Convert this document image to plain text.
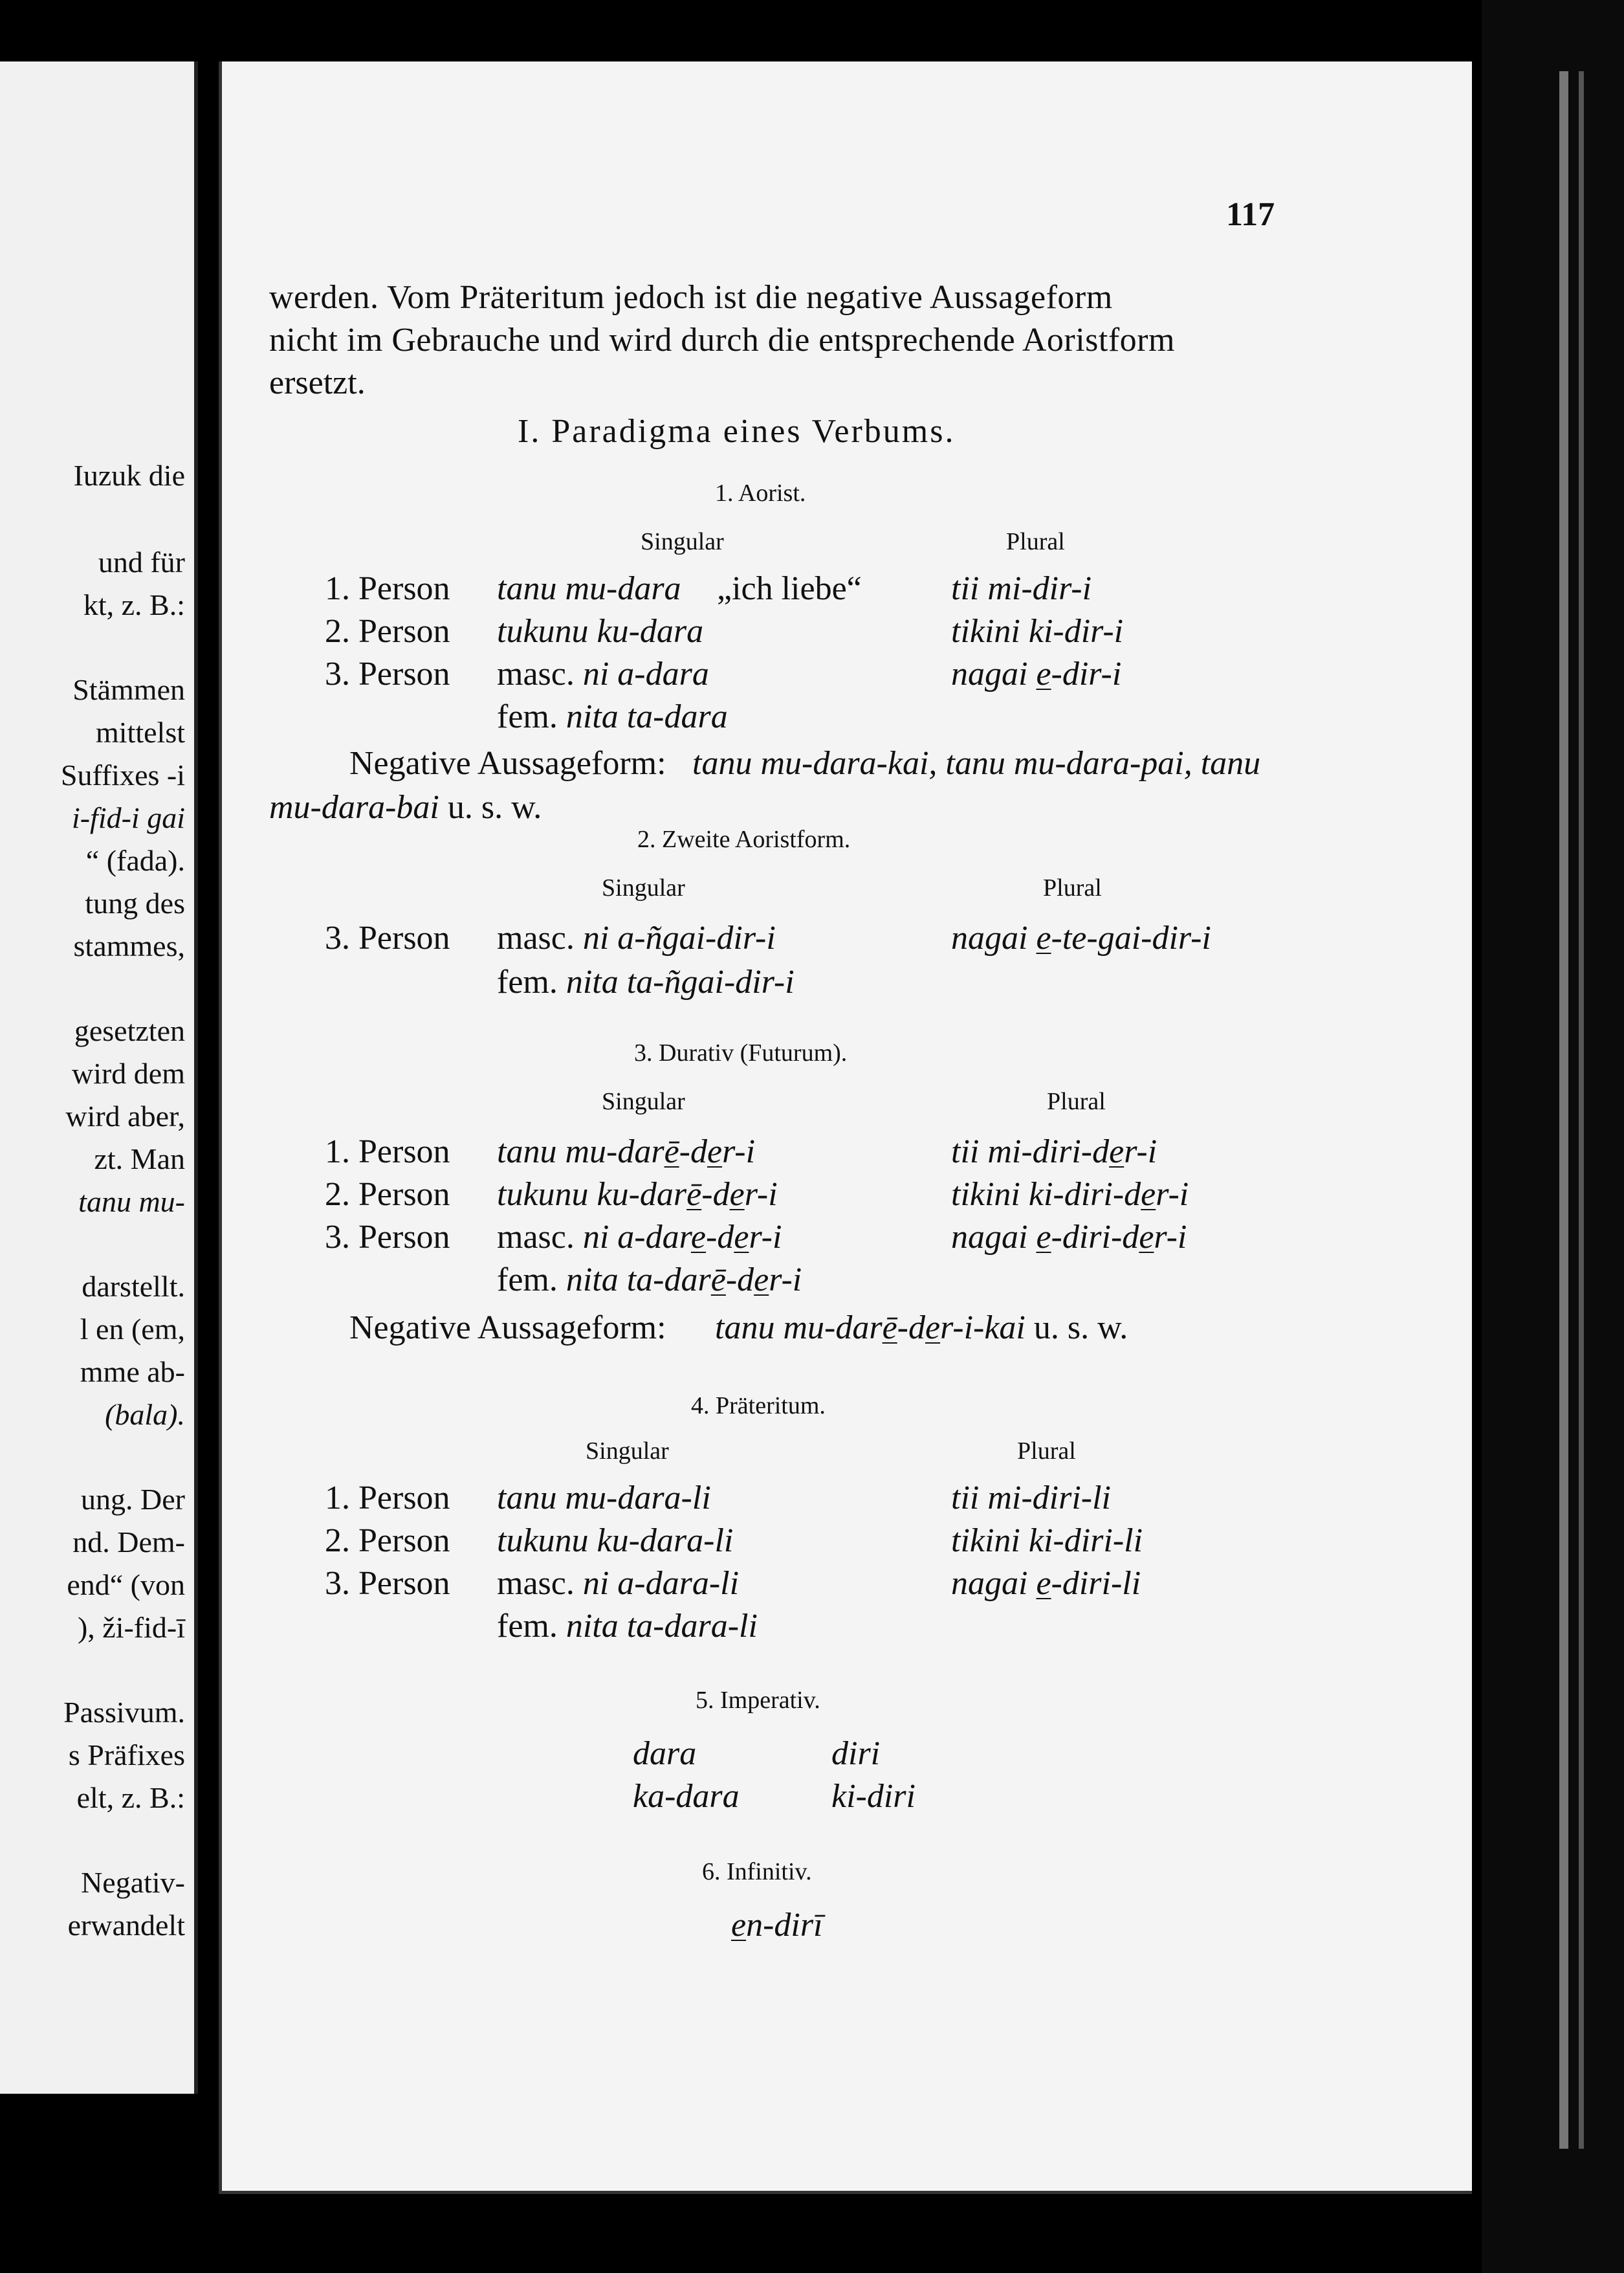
Iuzuk die
und für
kt, z. B.:
Stämmen
mittelst
Suffixes -i
i-fid-i gai
“ (fada).
tung des
stammes,
gesetzten
wird dem
wird aber,
zt. Man
tanu mu-
darstellt.
l en (em,
mme ab-
(bala).
ung. Der
nd. Dem-
end“ (von
), ži-fid-ī
Passivum.
s Präfixes
elt, z. B.:
Negativ-
erwandelt
117
werden. Vom Präteritum jedoch ist die negative Aussageform
nicht im Gebrauche und wird durch die entsprechende Aoristform
ersetzt.
I. Paradigma eines Verbums.
1. Aorist.
Singular	Plural
1. Person tanu mu-dara „ich liebe“	tii mi-dir-i
2. Person tukunu ku-dara	tikini ki-dir-i
3. Person masc. ni a-dara	nagai e-dir-i
fem. nita ta-dara
Negative Aussageform: tanu mu-dara-kai, tanu mu-dara-pai, tanu
mu-dara-bai u. s. w.
2. Zweite Aoristform.
Singular	Plural
3. Person masc. ni a-ñgai-dir-i	nagai e-te-gai-dir-i
fem. nita ta-ñgai-dir-i
3. Durativ (Futurum).
Singular	Plural
1. Person tanu mu-darē-der-i	tii mi-diri-der-i
2. Person tukunu ku-darē-der-i	tikini ki-diri-der-i
3. Person masc. ni a-dare-der-i	nagai e-diri-der-i
fem. nita ta-darē-der-i
Negative Aussageform: tanu mu-darē-der-i-kai u. s. w.
4. Präteritum.
Singular	Plural
1. Person tanu mu-dara-li	tii mi-diri-li
2. Person tukunu ku-dara-li	tikini ki-diri-li
3. Person masc. ni a-dara-li	nagai e-diri-li
fem. nita ta-dara-li
5. Imperativ.
dara	diri
ka-dara	ki-diri
6. Infinitiv.
en-dirī
